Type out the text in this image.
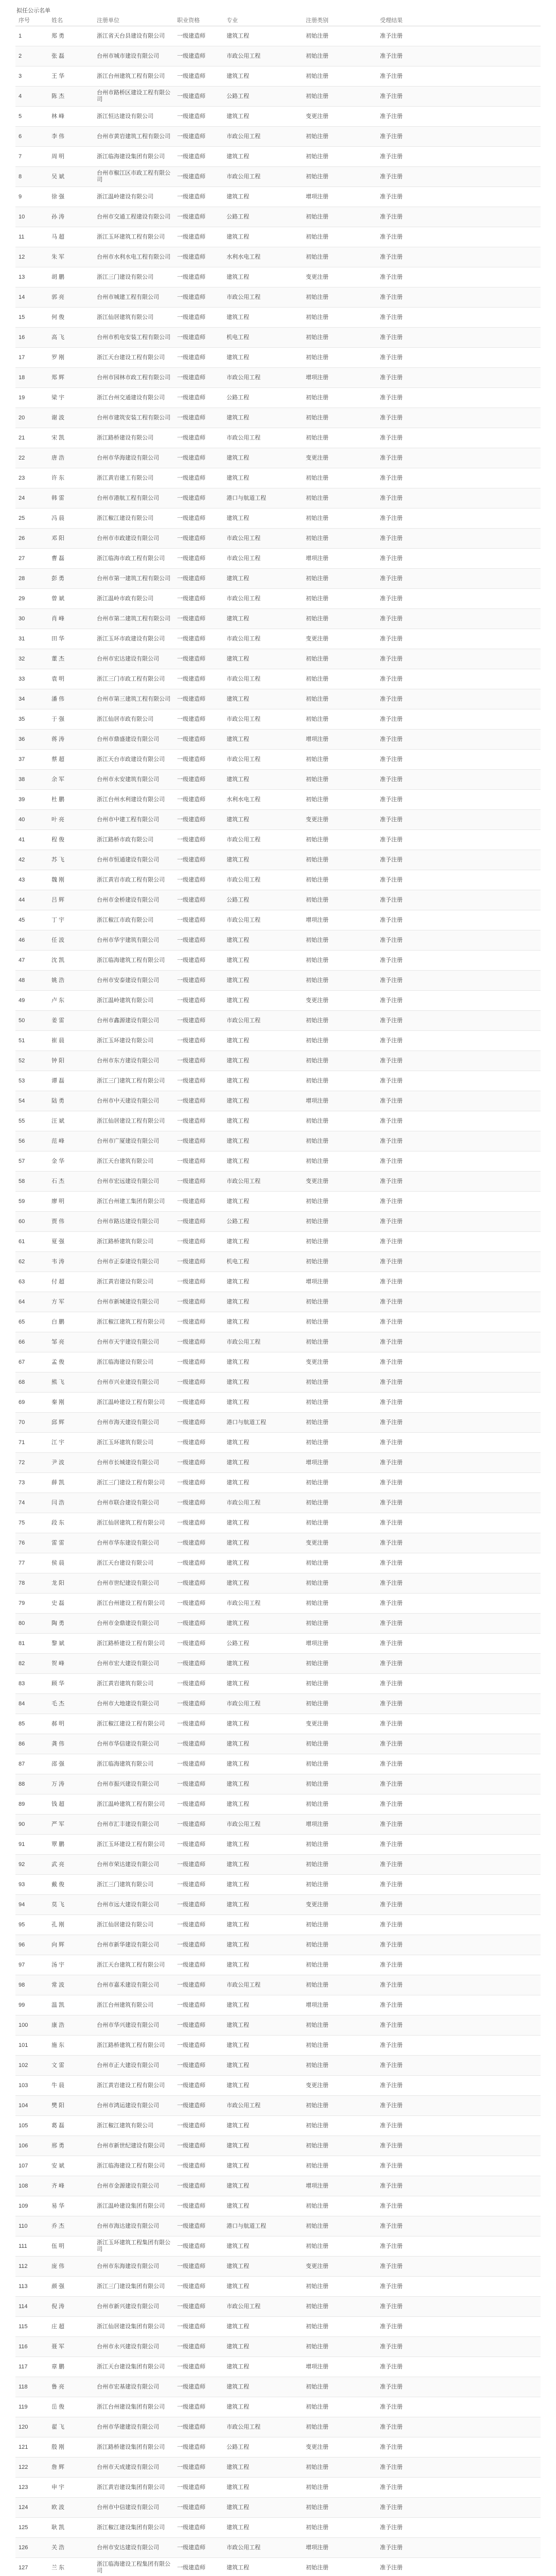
拟任公示名单
序号	姓名	注册单位	职业资格	专业	注册类别	受理结果
1	郑 勇	浙江省天台县建设有限公司	一级建造师	建筑工程	初始注册	准予注册
2	张 磊	台州市城市建设有限公司	一级建造师	市政公用工程	初始注册	准予注册
3	王 华	浙江台州建筑工程有限公司	一级建造师	建筑工程	初始注册	准予注册
4	陈 杰	台州市路桥区建设工程有限公司	一级建造师	公路工程	初始注册	准予注册
5	林 峰	浙江恒达建设有限公司	一级建造师	建筑工程	变更注册	准予注册
6	李 伟	台州市黄岩建筑工程有限公司	一级建造师	市政公用工程	初始注册	准予注册
7	周 明	浙江临海建设集团有限公司	一级建造师	建筑工程	初始注册	准予注册
8	吴 斌	台州市椒江区市政工程有限公司	一级建造师	市政公用工程	初始注册	准予注册
9	徐 强	浙江温岭建设有限公司	一级建造师	建筑工程	增项注册	准予注册
10	孙 涛	台州市交通工程建设有限公司	一级建造师	公路工程	初始注册	准予注册
11	马 超	浙江玉环建筑工程有限公司	一级建造师	建筑工程	初始注册	准予注册
12	朱 军	台州市水利水电工程有限公司	一级建造师	水利水电工程	初始注册	准予注册
13	胡 鹏	浙江三门建设有限公司	一级建造师	建筑工程	变更注册	准予注册
14	郭 亮	台州市城建工程有限公司	一级建造师	市政公用工程	初始注册	准予注册
15	何 俊	浙江仙居建筑有限公司	一级建造师	建筑工程	初始注册	准予注册
16	高 飞	台州市机电安装工程有限公司	一级建造师	机电工程	初始注册	准予注册
17	罗 刚	浙江天台建设工程有限公司	一级建造师	建筑工程	初始注册	准予注册
18	郑 辉	台州市园林市政工程有限公司	一级建造师	市政公用工程	增项注册	准予注册
19	梁 宇	浙江台州交通建设有限公司	一级建造师	公路工程	初始注册	准予注册
20	谢 波	台州市建筑安装工程有限公司	一级建造师	建筑工程	初始注册	准予注册
21	宋 凯	浙江路桥建设有限公司	一级建造师	市政公用工程	初始注册	准予注册
22	唐 浩	台州市华海建设有限公司	一级建造师	建筑工程	变更注册	准予注册
23	许 东	浙江黄岩建工有限公司	一级建造师	建筑工程	初始注册	准予注册
24	韩 雷	台州市港航工程有限公司	一级建造师	港口与航道工程	初始注册	准予注册
25	冯 晨	浙江椒江建设有限公司	一级建造师	建筑工程	初始注册	准予注册
26	邓 阳	台州市市政建设有限公司	一级建造师	市政公用工程	初始注册	准予注册
27	曹 磊	浙江临海市政工程有限公司	一级建造师	市政公用工程	增项注册	准予注册
28	彭 勇	台州市第一建筑工程有限公司	一级建造师	建筑工程	初始注册	准予注册
29	曾 斌	浙江温岭市政有限公司	一级建造师	市政公用工程	初始注册	准予注册
30	肖 峰	台州市第二建筑工程有限公司	一级建造师	建筑工程	初始注册	准予注册
31	田 华	浙江玉环市政建设有限公司	一级建造师	市政公用工程	变更注册	准予注册
32	董 杰	台州市宏达建设有限公司	一级建造师	建筑工程	初始注册	准予注册
33	袁 明	浙江三门市政工程有限公司	一级建造师	市政公用工程	初始注册	准予注册
34	潘 伟	台州市第三建筑工程有限公司	一级建造师	建筑工程	初始注册	准予注册
35	于 强	浙江仙居市政有限公司	一级建造师	市政公用工程	初始注册	准予注册
36	蒋 涛	台州市鼎盛建设有限公司	一级建造师	建筑工程	增项注册	准予注册
37	蔡 超	浙江天台市政建设有限公司	一级建造师	市政公用工程	初始注册	准予注册
38	余 军	台州市永安建筑有限公司	一级建造师	建筑工程	初始注册	准予注册
39	杜 鹏	浙江台州水利建设有限公司	一级建造师	水利水电工程	初始注册	准予注册
40	叶 亮	台州市中建工程有限公司	一级建造师	建筑工程	变更注册	准予注册
41	程 俊	浙江路桥市政有限公司	一级建造师	市政公用工程	初始注册	准予注册
42	苏 飞	台州市恒通建设有限公司	一级建造师	建筑工程	初始注册	准予注册
43	魏 刚	浙江黄岩市政工程有限公司	一级建造师	市政公用工程	初始注册	准予注册
44	吕 辉	台州市金桥建设有限公司	一级建造师	公路工程	初始注册	准予注册
45	丁 宇	浙江椒江市政有限公司	一级建造师	市政公用工程	增项注册	准予注册
46	任 波	台州市华宇建筑有限公司	一级建造师	建筑工程	初始注册	准予注册
47	沈 凯	浙江临海建筑工程有限公司	一级建造师	建筑工程	初始注册	准予注册
48	姚 浩	台州市安泰建设有限公司	一级建造师	建筑工程	初始注册	准予注册
49	卢 东	浙江温岭建筑有限公司	一级建造师	建筑工程	变更注册	准予注册
50	姜 雷	台州市鑫源建设有限公司	一级建造师	市政公用工程	初始注册	准予注册
51	崔 晨	浙江玉环建设有限公司	一级建造师	建筑工程	初始注册	准予注册
52	钟 阳	台州市东方建设有限公司	一级建造师	建筑工程	初始注册	准予注册
53	谭 磊	浙江三门建筑工程有限公司	一级建造师	建筑工程	初始注册	准予注册
54	陆 勇	台州市中天建设有限公司	一级建造师	建筑工程	增项注册	准予注册
55	汪 斌	浙江仙居建设工程有限公司	一级建造师	建筑工程	初始注册	准予注册
56	范 峰	台州市广厦建设有限公司	一级建造师	建筑工程	初始注册	准予注册
57	金 华	浙江天台建筑有限公司	一级建造师	建筑工程	初始注册	准予注册
58	石 杰	台州市宏远建设有限公司	一级建造师	市政公用工程	变更注册	准予注册
59	廖 明	浙江台州建工集团有限公司	一级建造师	建筑工程	初始注册	准予注册
60	贾 伟	台州市路达建设有限公司	一级建造师	公路工程	初始注册	准予注册
61	夏 强	浙江路桥建筑有限公司	一级建造师	建筑工程	初始注册	准予注册
62	韦 涛	台州市正泰建设有限公司	一级建造师	机电工程	初始注册	准予注册
63	付 超	浙江黄岩建设有限公司	一级建造师	建筑工程	增项注册	准予注册
64	方 军	台州市新城建设有限公司	一级建造师	建筑工程	初始注册	准予注册
65	白 鹏	浙江椒江建筑工程有限公司	一级建造师	建筑工程	初始注册	准予注册
66	邹 亮	台州市天宇建设有限公司	一级建造师	市政公用工程	初始注册	准予注册
67	孟 俊	浙江临海建设有限公司	一级建造师	建筑工程	变更注册	准予注册
68	熊 飞	台州市兴业建设有限公司	一级建造师	建筑工程	初始注册	准予注册
69	秦 刚	浙江温岭建设工程有限公司	一级建造师	建筑工程	初始注册	准予注册
70	邱 辉	台州市海天建设有限公司	一级建造师	港口与航道工程	初始注册	准予注册
71	江 宇	浙江玉环建筑有限公司	一级建造师	建筑工程	初始注册	准予注册
72	尹 波	台州市长城建设有限公司	一级建造师	建筑工程	增项注册	准予注册
73	薛 凯	浙江三门建设工程有限公司	一级建造师	建筑工程	初始注册	准予注册
74	闫 浩	台州市联合建设有限公司	一级建造师	市政公用工程	初始注册	准予注册
75	段 东	浙江仙居建筑工程有限公司	一级建造师	建筑工程	初始注册	准予注册
76	雷 雷	台州市华东建设有限公司	一级建造师	建筑工程	变更注册	准予注册
77	侯 晨	浙江天台建设有限公司	一级建造师	建筑工程	初始注册	准予注册
78	龙 阳	台州市世纪建设有限公司	一级建造师	建筑工程	初始注册	准予注册
79	史 磊	浙江台州建设工程有限公司	一级建造师	市政公用工程	初始注册	准予注册
80	陶 勇	台州市金鼎建设有限公司	一级建造师	建筑工程	初始注册	准予注册
81	黎 斌	浙江路桥建设工程有限公司	一级建造师	公路工程	增项注册	准予注册
82	贺 峰	台州市宏大建设有限公司	一级建造师	建筑工程	初始注册	准予注册
83	顾 华	浙江黄岩建筑有限公司	一级建造师	建筑工程	初始注册	准予注册
84	毛 杰	台州市大地建设有限公司	一级建造师	市政公用工程	初始注册	准予注册
85	郝 明	浙江椒江建设工程有限公司	一级建造师	建筑工程	变更注册	准予注册
86	龚 伟	台州市华信建设有限公司	一级建造师	建筑工程	初始注册	准予注册
87	邵 强	浙江临海建筑有限公司	一级建造师	建筑工程	初始注册	准予注册
88	万 涛	台州市振兴建设有限公司	一级建造师	建筑工程	初始注册	准予注册
89	钱 超	浙江温岭建筑工程有限公司	一级建造师	建筑工程	初始注册	准予注册
90	严 军	台州市汇丰建设有限公司	一级建造师	市政公用工程	增项注册	准予注册
91	覃 鹏	浙江玉环建设工程有限公司	一级建造师	建筑工程	初始注册	准予注册
92	武 亮	台州市荣达建设有限公司	一级建造师	建筑工程	初始注册	准予注册
93	戴 俊	浙江三门建筑有限公司	一级建造师	建筑工程	初始注册	准予注册
94	莫 飞	台州市远大建设有限公司	一级建造师	建筑工程	变更注册	准予注册
95	孔 刚	浙江仙居建设有限公司	一级建造师	建筑工程	初始注册	准予注册
96	向 辉	台州市新华建设有限公司	一级建造师	建筑工程	初始注册	准予注册
97	汤 宇	浙江天台建筑工程有限公司	一级建造师	建筑工程	初始注册	准予注册
98	常 波	台州市嘉禾建设有限公司	一级建造师	市政公用工程	初始注册	准予注册
99	温 凯	浙江台州建筑有限公司	一级建造师	建筑工程	增项注册	准予注册
100	康 浩	台州市华兴建设有限公司	一级建造师	建筑工程	初始注册	准予注册
101	施 东	浙江路桥建筑工程有限公司	一级建造师	建筑工程	初始注册	准予注册
102	文 雷	台州市正大建设有限公司	一级建造师	建筑工程	初始注册	准予注册
103	牛 晨	浙江黄岩建设工程有限公司	一级建造师	建筑工程	变更注册	准予注册
104	樊 阳	台州市鸿运建设有限公司	一级建造师	市政公用工程	初始注册	准予注册
105	葛 磊	浙江椒江建筑有限公司	一级建造师	建筑工程	初始注册	准予注册
106	邢 勇	台州市新世纪建设有限公司	一级建造师	建筑工程	初始注册	准予注册
107	安 斌	浙江临海建设工程有限公司	一级建造师	建筑工程	初始注册	准予注册
108	齐 峰	台州市金源建设有限公司	一级建造师	建筑工程	增项注册	准予注册
109	易 华	浙江温岭建设集团有限公司	一级建造师	建筑工程	初始注册	准予注册
110	乔 杰	台州市海达建设有限公司	一级建造师	港口与航道工程	初始注册	准予注册
111	伍 明	浙江玉环建筑工程集团有限公司	一级建造师	建筑工程	初始注册	准予注册
112	庞 伟	台州市东海建设有限公司	一级建造师	建筑工程	变更注册	准予注册
113	颜 强	浙江三门建设集团有限公司	一级建造师	建筑工程	初始注册	准予注册
114	倪 涛	台州市新兴建设有限公司	一级建造师	市政公用工程	初始注册	准予注册
115	庄 超	浙江仙居建设集团有限公司	一级建造师	建筑工程	初始注册	准予注册
116	聂 军	台州市永兴建设有限公司	一级建造师	建筑工程	初始注册	准予注册
117	章 鹏	浙江天台建设集团有限公司	一级建造师	建筑工程	增项注册	准予注册
118	鲁 亮	台州市宏基建设有限公司	一级建造师	建筑工程	初始注册	准予注册
119	岳 俊	浙江台州建设集团有限公司	一级建造师	建筑工程	初始注册	准予注册
120	翟 飞	台州市华建建设有限公司	一级建造师	市政公用工程	初始注册	准予注册
121	殷 刚	浙江路桥建设集团有限公司	一级建造师	公路工程	变更注册	准予注册
122	詹 辉	台州市天成建设有限公司	一级建造师	建筑工程	初始注册	准予注册
123	申 宇	浙江黄岩建设集团有限公司	一级建造师	建筑工程	初始注册	准予注册
124	欧 波	台州市中信建设有限公司	一级建造师	建筑工程	初始注册	准予注册
125	耿 凯	浙江椒江建设集团有限公司	一级建造师	建筑工程	初始注册	准予注册
126	关 浩	台州市安达建设有限公司	一级建造师	市政公用工程	增项注册	准予注册
127	兰 东	浙江临海建设工程集团有限公司	一级建造师	建筑工程	初始注册	准予注册
